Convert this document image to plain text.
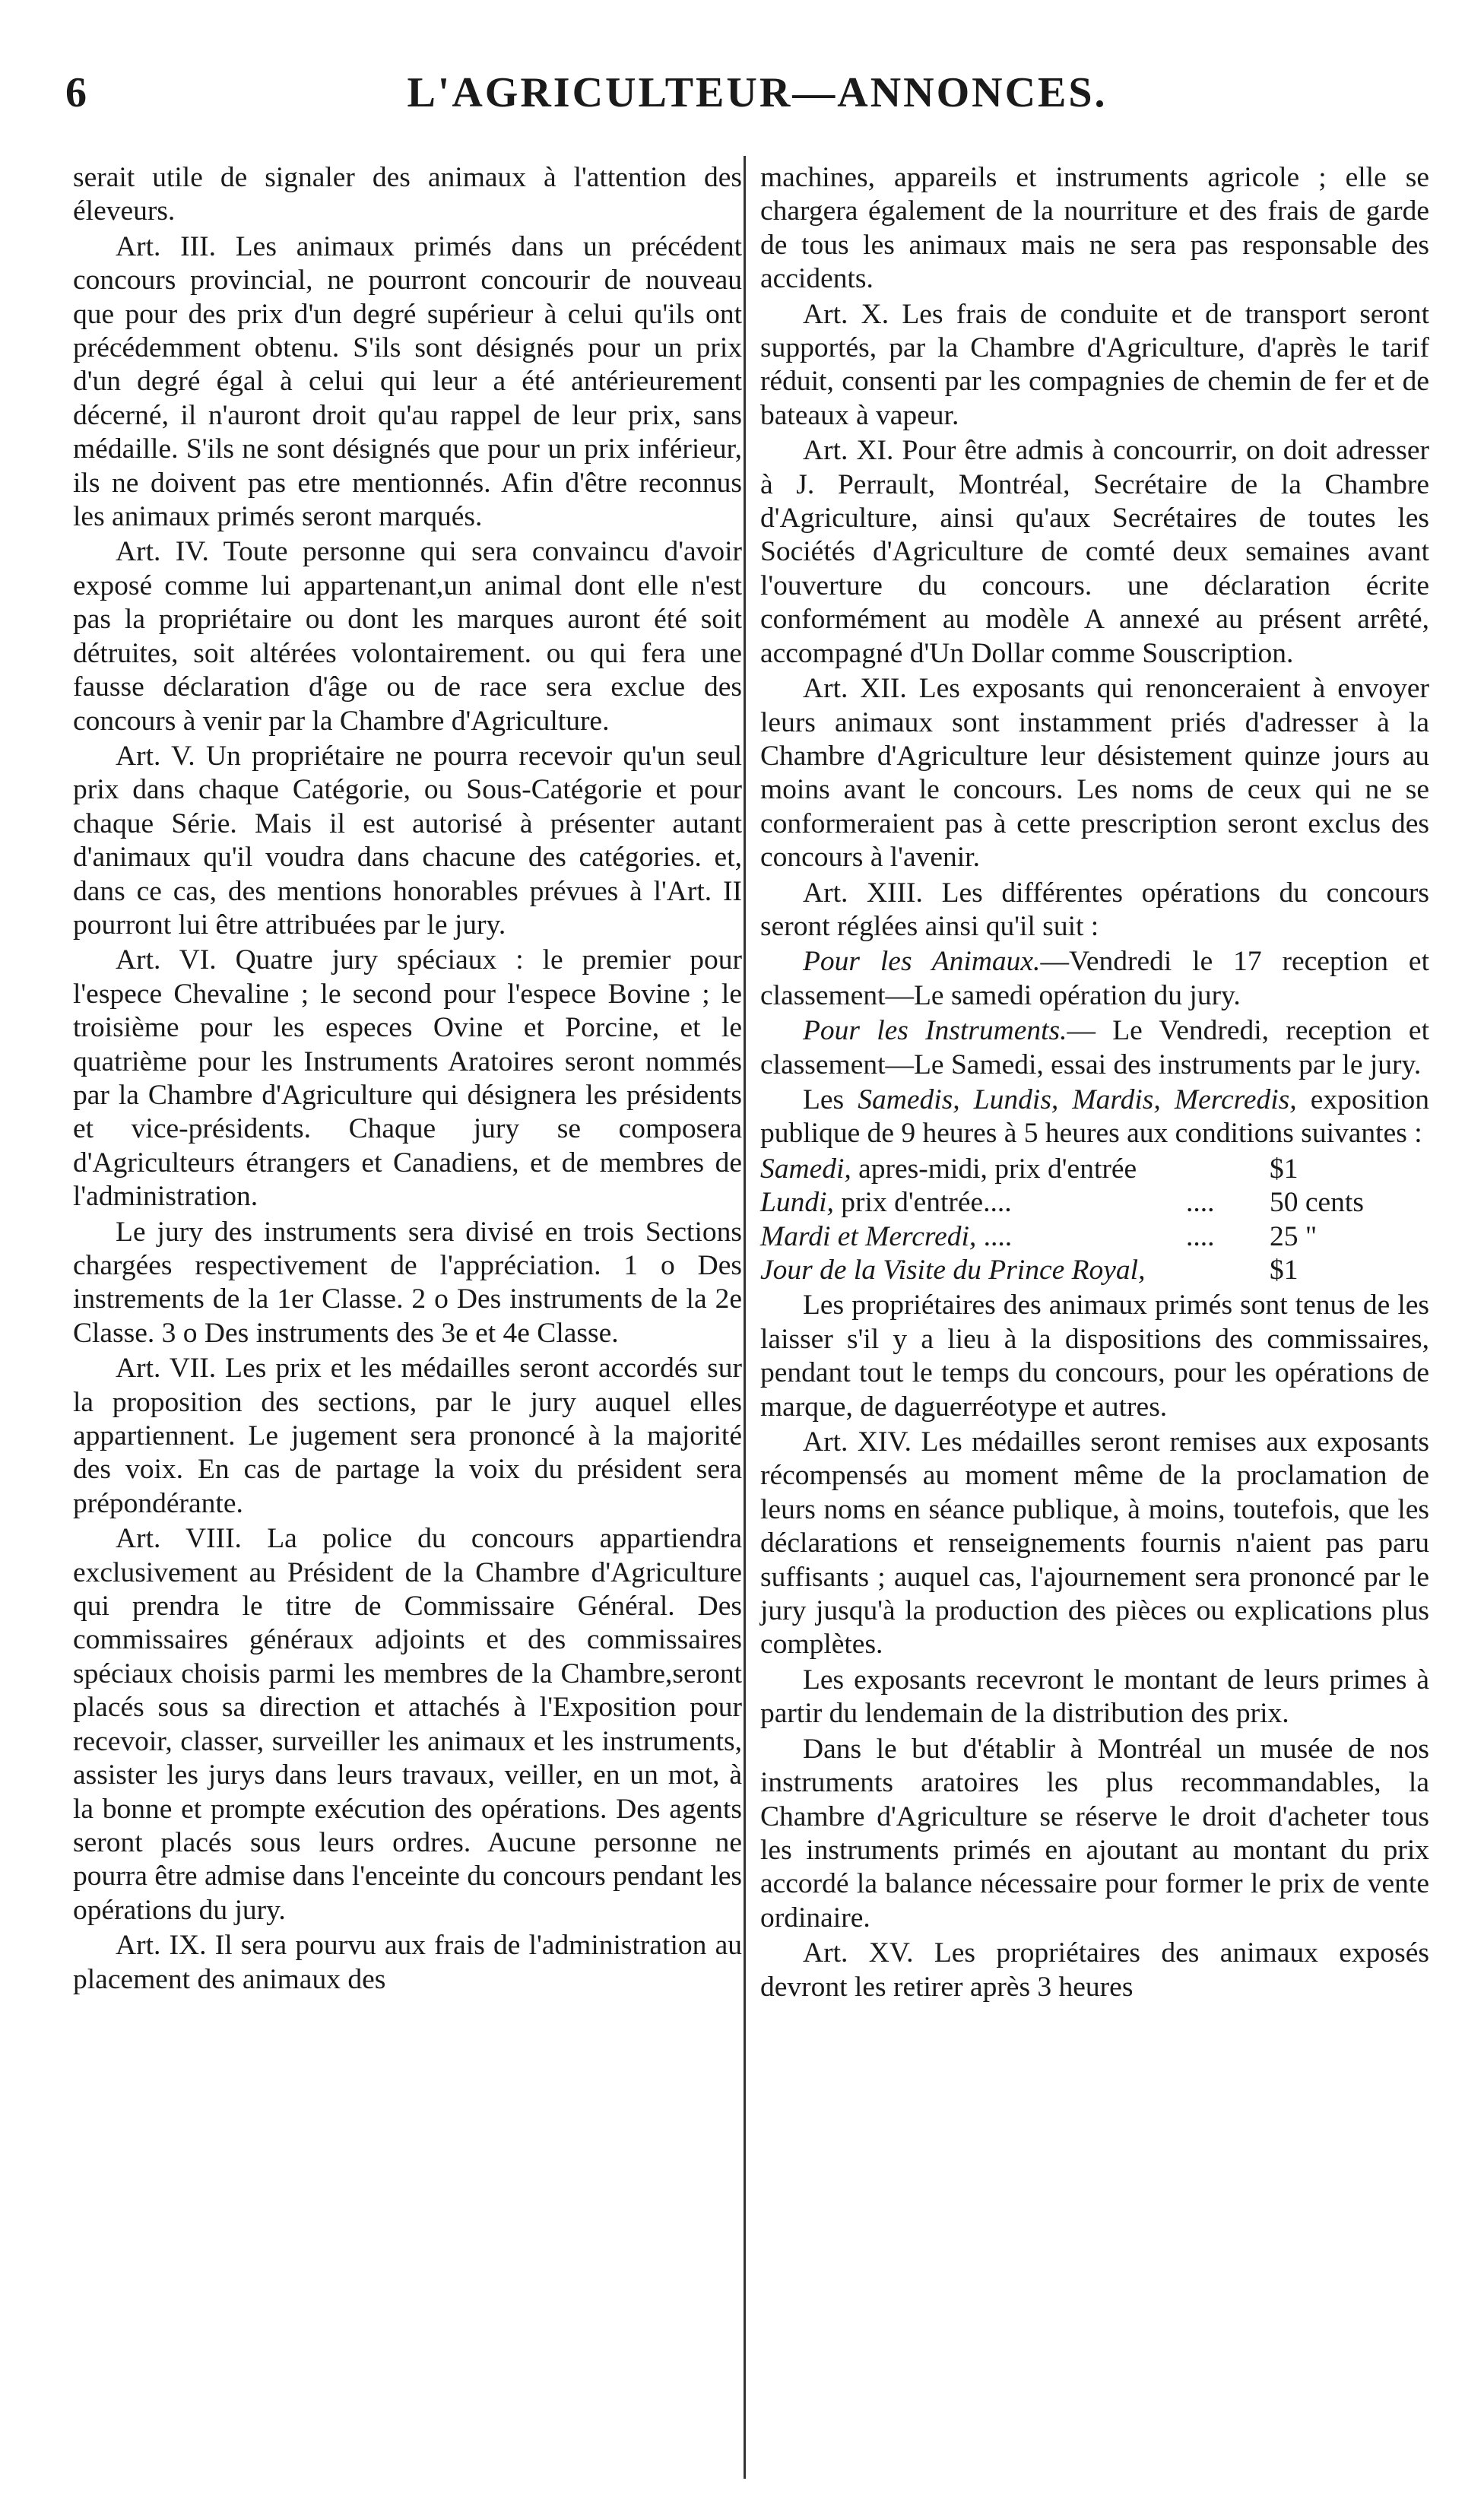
6	L'AGRICULTEUR—ANNONCES.

serait utile de signaler des animaux à l'attention des éleveurs.

Art. III. Les animaux primés dans un précédent concours provincial, ne pourront concourir de nouveau que pour des prix d'un degré supérieur à celui qu'ils ont précédemment obtenu. S'ils sont désignés pour un prix d'un degré égal à celui qui leur a été antérieurement décerné, il n'auront droit qu'au rappel de leur prix, sans médaille. S'ils ne sont désignés que pour un prix inférieur, ils ne doivent pas etre mentionnés. Afin d'être reconnus les animaux primés seront marqués.

Art. IV. Toute personne qui sera convaincu d'avoir exposé comme lui appartenant,un animal dont elle n'est pas la propriétaire ou dont les marques auront été soit détruites, soit altérées volontairement. ou qui fera une fausse déclaration d'âge ou de race sera exclue des concours à venir par la Chambre d'Agriculture.

Art. V. Un propriétaire ne pourra recevoir qu'un seul prix dans chaque Catégorie, ou Sous-Catégorie et pour chaque Série. Mais il est autorisé à présenter autant d'animaux qu'il voudra dans chacune des catégories. et, dans ce cas, des mentions honorables prévues à l'Art. II pourront lui être attribuées par le jury.

Art. VI. Quatre jury spéciaux : le premier pour l'espece Chevaline ; le second pour l'espece Bovine ; le troisième pour les especes Ovine et Porcine, et le quatrième pour les Instruments Aratoires seront nommés par la Chambre d'Agriculture qui désignera les présidents et vice-présidents. Chaque jury se composera d'Agriculteurs étrangers et Canadiens, et de membres de l'administration.

Le jury des instruments sera divisé en trois Sections chargées respectivement de l'appréciation. 1 o Des instrements de la 1er Classe. 2 o Des instruments de la 2e Classe. 3 o Des instruments des 3e et 4e Classe.

Art. VII. Les prix et les médailles seront accordés sur la proposition des sections, par le jury auquel elles appartiennent. Le jugement sera prononcé à la majorité des voix. En cas de partage la voix du président sera prépondérante.

Art. VIII. La police du concours appartiendra exclusivement au Président de la Chambre d'Agriculture qui prendra le titre de Commissaire Général. Des commissaires généraux adjoints et des commissaires spéciaux choisis parmi les membres de la Chambre,seront placés sous sa direction et attachés à l'Exposition pour recevoir, classer, surveiller les animaux et les instruments, assister les jurys dans leurs travaux, veiller, en un mot, à la bonne et prompte exécution des opérations. Des agents seront placés sous leurs ordres. Aucune personne ne pourra être admise dans l'enceinte du concours pendant les opérations du jury.

Art. IX. Il sera pourvu aux frais de l'administration au placement des animaux des

machines, appareils et instruments agricole ; elle se chargera également de la nourriture et des frais de garde de tous les animaux mais ne sera pas responsable des accidents.

Art. X. Les frais de conduite et de transport seront supportés, par la Chambre d'Agriculture, d'après le tarif réduit, consenti par les compagnies de chemin de fer et de bateaux à vapeur.

Art. XI. Pour être admis à concourrir, on doit adresser à J. Perrault, Montréal, Secrétaire de la Chambre d'Agriculture, ainsi qu'aux Secrétaires de toutes les Sociétés d'Agriculture de comté deux semaines avant l'ouverture du concours. une déclaration écrite conformément au modèle A annexé au présent arrêté, accompagné d'Un Dollar comme Souscription.

Art. XII. Les exposants qui renonceraient à envoyer leurs animaux sont instamment priés d'adresser à la Chambre d'Agriculture leur désistement quinze jours au moins avant le concours. Les noms de ceux qui ne se conformeraient pas à cette prescription seront exclus des concours à l'avenir.

Art. XIII. Les différentes opérations du concours seront réglées ainsi qu'il suit :

Pour les Animaux.—Vendredi le 17 reception et classement—Le samedi opération du jury.

Pour les Instruments.— Le Vendredi, reception et classement—Le Samedi, essai des instruments par le jury.

Les Samedis, Lundis, Mardis, Mercredis, exposition publique de 9 heures à 5 heures aux conditions suivantes :

Samedi, apres-midi, prix d'entrée		$1
Lundi, prix d'entrée....	....	50 cents
Mardi et Mercredi, ....	....	25 "
Jour de la Visite du Prince Royal,		$1

Les propriétaires des animaux primés sont tenus de les laisser s'il y a lieu à la dispositions des commissaires, pendant tout le temps du concours, pour les opérations de marque, de daguerréotype et autres.

Art. XIV. Les médailles seront remises aux exposants récompensés au moment même de la proclamation de leurs noms en séance publique, à moins, toutefois, que les déclarations et renseignements fournis n'aient pas paru suffisants ; auquel cas, l'ajournement sera prononcé par le jury jusqu'à la production des pièces ou explications plus complètes.

Les exposants recevront le montant de leurs primes à partir du lendemain de la distribution des prix.

Dans le but d'établir à Montréal un musée de nos instruments aratoires les plus recommandables, la Chambre d'Agriculture se réserve le droit d'acheter tous les instruments primés en ajoutant au montant du prix accordé la balance nécessaire pour former le prix de vente ordinaire.

Art. XV. Les propriétaires des animaux exposés devront les retirer après 3 heures
